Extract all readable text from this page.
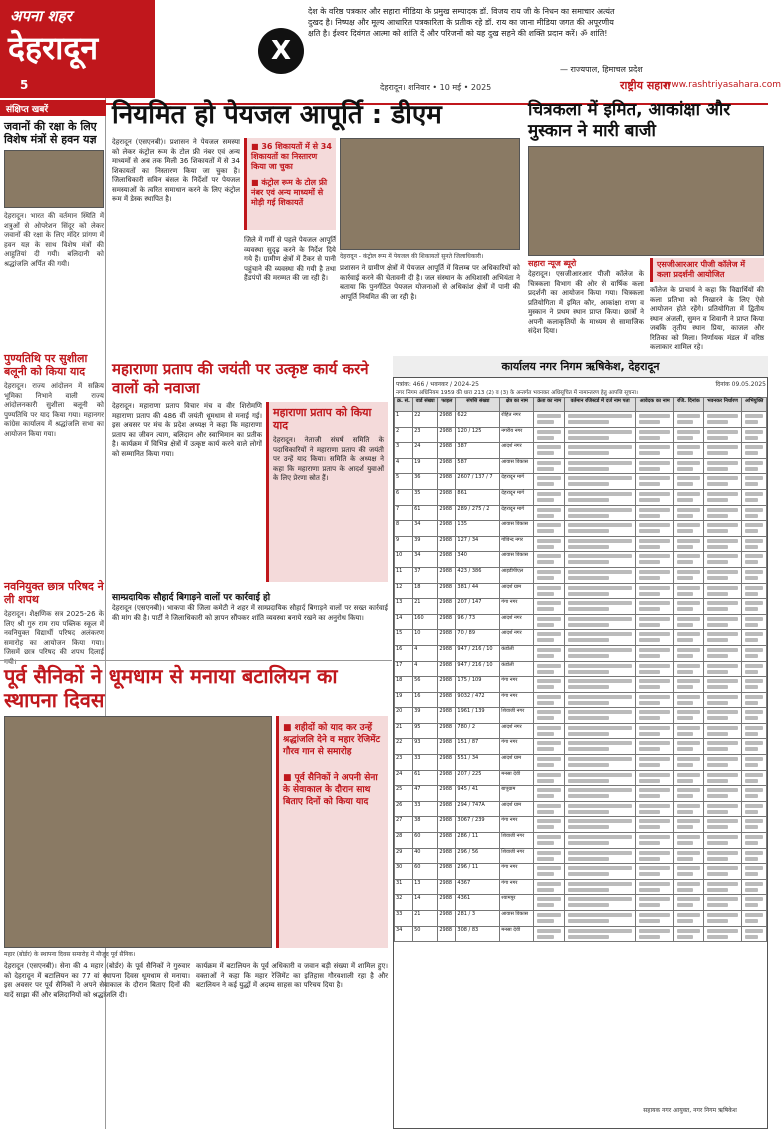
अपना शहर
देहरादून
5
X
देश के वरिष्ठ पत्रकार और सहारा मीडिया के प्रमुख सम्पादक डॉ. विजय राय जी के निधन का समाचार अत्यंत दुखद है। निष्पक्ष और मूल्य आधारित पत्रकारिता के प्रतीक रहे डॉ. राय का जाना मीडिया जगत की अपूरणीय क्षति है। ईश्वर दिवंगत आत्मा को शांति दें और परिजनों को यह दुख सहने की शक्ति प्रदान करें। ॐ शांति!
— राज्यपाल, हिमाचल प्रदेश
देहरादून। शनिवार • 10 मई • 2025	राष्ट्रीय सहारा
www.rashtriyasahara.com
संक्षिप्त खबरें
जवानों की रक्षा के लिए विशेष मंत्रों से हवन यज्ञ
देहरादून। भारत की वर्तमान स्थिति में शत्रुओं से ओपरेशन सिंदूर को लेकर जवानों की रक्षा के लिए मंदिर प्रांगण में हवन यज्ञ के साथ विशेष मंत्रों की आहुतियां दी गयी। बलिदानी को श्रद्धांजलि अर्पित की गयी।
पुण्यतिथि पर सुशीला बलूनी को किया याद
देहरादून। राज्य आंदोलन में सक्रिय भूमिका निभाने वाली राज्य आंदोलनकारी सुशीला बलूनी को पुण्यतिथि पर याद किया गया। महानगर कांग्रेस कार्यालय में श्रद्धांजलि सभा का आयोजन किया गया।
नवनियुक्त छात्र परिषद ने ली शपथ
देहरादून। शैक्षणिक सत्र 2025-26 के लिए श्री गुरु राम राय पब्लिक स्कूल में नवनियुक्त विद्यार्थी परिषद अलंकरण समारोह का आयोजन किया गया। जिसमें छात्र परिषद की शपथ दिलाई गयी।
नियमित हो पेयजल आपूर्ति : डीएम
देहरादून (एसएनबी)। प्रशासन ने पेयजल समस्या को लेकर कंट्रोल रूम के टोल फ्री नंबर एवं अन्य माध्यमों से अब तक मिली 36 शिकायतों में से 34 शिकायतों का निस्तारण किया जा चुका है। जिलाधिकारी सविन बंसल के निर्देशों पर पेयजल समस्याओं के त्वरित समाधान करने के लिए कंट्रोल रूम में डेस्क स्थापित है।
■ 36 शिकायतों में से 34 शिकायतों का निस्तारण किया जा चुका
■ कंट्रोल रूम के टोल फ्री नंबर एवं अन्य माध्यमों से मोड़ी गई शिकायतें
जिले में गर्मी से पहले पेयजल आपूर्ति व्यवस्था सुदृढ़ करने के निर्देश दिये गये हैं। ग्रामीण क्षेत्रों में टैंकर से पानी पहुंचाने की व्यवस्था की गयी है तथा हैंडपंपों की मरम्मत की जा रही है।
देहरादून - कंट्रोल रूम में पेयजल की शिकायतों सुनते जिलाधिकारी।
प्रशासन ने ग्रामीण क्षेत्रों में पेयजल आपूर्ति में विलम्ब पर अधिकारियों को कार्रवाई करने की चेतावनी दी है। जल संस्थान के अधिशासी अभियंता ने बताया कि पुनर्गठित पेयजल योजनाओं से अधिकांश क्षेत्रों में पानी की आपूर्ति नियमित की जा रही है।
चित्रकला में इमित, आकांक्षा और मुस्कान ने मारी बाजी
सहारा न्यूज ब्यूरो
देहरादून। एसजीआरआर पीजी कॉलेज के चित्रकला विभाग की ओर से वार्षिक कला प्रदर्शनी का आयोजन किया गया। चित्रकला प्रतियोगिता में इमित कौर, आकांक्षा राणा व मुस्कान ने प्रथम स्थान प्राप्त किया। छात्रों ने अपनी कलाकृतियों के माध्यम से सामाजिक संदेश दिया।
एसजीआरआर पीजी कॉलेज में कला प्रदर्शनी आयोजित
कॉलेज के प्राचार्य ने कहा कि विद्यार्थियों की कला प्रतिभा को निखारने के लिए ऐसे आयोजन होते रहेंगे। प्रतियोगिता में द्वितीय स्थान अंजली, सुमन व शिवानी ने प्राप्त किया जबकि तृतीय स्थान प्रिया, काजल और रितिका को मिला। निर्णायक मंडल में वरिष्ठ कलाकार शामिल रहे।
महाराणा प्रताप की जयंती पर उत्कृष्ट कार्य करने वालों को नवाजा
देहरादून। महाराणा प्रताप विचार मंच व वीर शिरोमणि महाराणा प्रताप की 486 वीं जयंती धूमधाम से मनाई गई। इस अवसर पर मंच के प्रदेश अध्यक्ष ने कहा कि महाराणा प्रताप का जीवन त्याग, बलिदान और स्वाभिमान का प्रतीक है। कार्यक्रम में विभिन्न क्षेत्रों में उत्कृष्ट कार्य करने वाले लोगों को सम्मानित किया गया।
महाराणा प्रताप को किया याद
देहरादून। नेताजी संघर्ष समिति के पदाधिकारियों ने महाराणा प्रताप की जयंती पर उन्हें याद किया। समिति के अध्यक्ष ने कहा कि महाराणा प्रताप के आदर्श युवाओं के लिए प्रेरणा स्रोत हैं।
साम्प्रदायिक सौहार्द बिगाड़ने वालों पर कार्रवाई हो
देहरादून (एसएनबी)। भाकपा की जिला कमेटी ने शहर में साम्प्रदायिक सौहार्द बिगाड़ने वालों पर सख्त कार्रवाई की मांग की है। पार्टी ने जिलाधिकारी को ज्ञापन सौंपकर शांति व्यवस्था बनाये रखने का अनुरोध किया।
पूर्व सैनिकों ने धूमधाम से मनाया बटालियन का स्थापना दिवस
महार (बोर्डर) के स्थापना दिवस समारोह में मौजूद पूर्व सैनिक।
■ शहीदों को याद कर उन्हें श्रद्धांजलि देने व महार रेजिमेंट गौरव गान से समारोह
■ पूर्व सैनिकों ने अपनी सेना के सेवाकाल के दौरान साथ बिताए दिनों को किया याद
देहरादून (एसएनबी)। सेना की 4 महार (बोर्डर) के पूर्व सैनिकों ने गुरुवार को देहरादून में बटालियन का 77 वां स्थापना दिवस धूमधाम से मनाया। इस अवसर पर पूर्व सैनिकों ने अपने सेवाकाल के दौरान बिताए दिनों की यादें साझा कीं और बलिदानियों को श्रद्धांजलि दी।
कार्यक्रम में बटालियन के पूर्व अधिकारी व जवान बड़ी संख्या में शामिल हुए। वक्ताओं ने कहा कि महार रेजिमेंट का इतिहास गौरवशाली रहा है और बटालियन ने कई युद्धों में अदम्य साहस का परिचय दिया है।
कार्यालय नगर निगम ऋषिकेश, देहरादून
पत्रांक: 466 / भवनकर / 2024-25	दिनांक 09.05.2025
नगर निगम अधिनियम 1959 की धारा 213 (2) व (3) के अन्तर्गत भवनकर अधिसूचित में नामान्तरण हेतु आपत्ति सूचना।
क्र. सं.	वार्ड संख्या	फाइल	संपत्ति संख्या	क्षेत्र का नाम	क्रेता का नाम	वर्तमान रजिस्टर्ड में दर्ज नाम पता	आवेदक का नाम	रजि. दिनांक	भवनकर निर्धारण	अभियुक्ति
1	22	2988	622	रोहित नगर	

2	23	2988	120 / 125	नगरीय नगर	

3	24	2988	387	आदर्श नगर	

4	19	2988	587	आवास विकास	

5	36	2988	2607 / 137 / 7	देहरादून मार्ग	

6	35	2988	861	देहरादून मार्ग	

7	61	2988	289 / 275 / 2	देहरादून मार्ग	

8	34	2988	135	आवास विकास	

9	39	2988	127 / 34	गोविन्द नगर	

10	34	2988	340	आवास विकास	

11	37	2988	423 / 386	आइडीपीएल	

12	18	2988	381 / 44	आदर्श ग्राम	

13	21	2988	207 / 147	गंगा नगर	

14	160	2988	96 / 73	आदर्श नगर	

15	10	2988	70 / 89	आदर्श नगर	

16	4	2988	947 / 216 / 10	कंडोली	

17	4	2988	947 / 216 / 10	कंडोली	

18	56	2988	175 / 109	गंगा नगर	

19	16	2988	9032 / 472	गंगा नगर	

20	39	2988	1961 / 139	शिवाजी नगर	

21	95	2988	780 / 2	आदर्श नगर	

22	93	2988	151 / 87	गंगा नगर	

23	33	2988	551 / 34	आदर्श ग्राम	

24	61	2988	207 / 225	मनसा देवी	

25	47	2988	945 / 41	बापूग्राम	

26	33	2988	294 / 747A	आदर्श ग्राम	

27	38	2988	3067 / 239	गंगा नगर	

28	60	2988	286 / 11	शिवाजी नगर	

29	40	2988	296 / 56	शिवाजी नगर	

30	60	2988	296 / 11	गंगा नगर	

31	13	2988	4367	गंगा नगर	

32	14	2988	4361	श्यामपुर	

33	21	2988	281 / 3	आवास विकास	

34	50	2988	308 / 83	मनसा देवी	

सहायक नगर आयुक्त, नगर निगम ऋषिकेश
